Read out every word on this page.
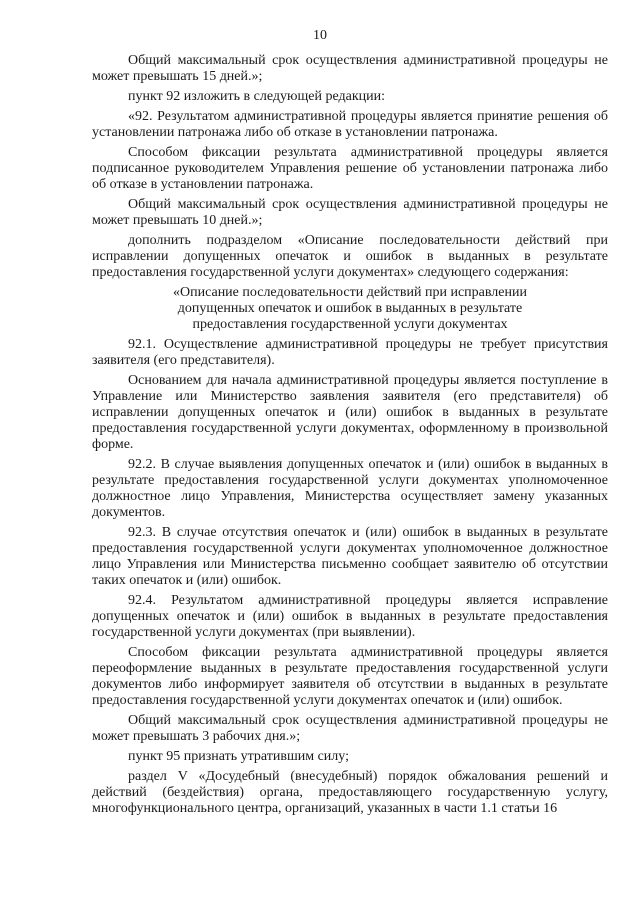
10

Общий максимальный срок осуществления административной процедуры не может превышать 15 дней.»;

пункт 92 изложить в следующей редакции:

«92. Результатом административной процедуры является принятие решения об установлении патронажа либо об отказе в установлении патронажа.

Способом фиксации результата административной процедуры является подписанное руководителем Управления решение об установлении патронажа либо об отказе в установлении патронажа.

Общий максимальный срок осуществления административной процедуры не может превышать 10 дней.»;

дополнить подразделом «Описание последовательности действий при исправлении допущенных опечаток и ошибок в выданных в результате предоставления государственной услуги документах» следующего содержания:

«Описание последовательности действий при исправлении допущенных опечаток и ошибок в выданных в результате предоставления государственной услуги документах

92.1. Осуществление административной процедуры не требует присутствия заявителя (его представителя).

Основанием для начала административной процедуры является поступление в Управление или Министерство заявления заявителя (его представителя) об исправлении допущенных опечаток и (или) ошибок в выданных в результате предоставления государственной услуги документах, оформленному в произвольной форме.

92.2. В случае выявления допущенных опечаток и (или) ошибок в выданных в результате предоставления государственной услуги документах уполномоченное должностное лицо Управления, Министерства осуществляет замену указанных документов.

92.3. В случае отсутствия опечаток и (или) ошибок в выданных в результате предоставления государственной услуги документах уполномоченное должностное лицо Управления или Министерства письменно сообщает заявителю об отсутствии таких опечаток и (или) ошибок.

92.4. Результатом административной процедуры является исправление допущенных опечаток и (или) ошибок в выданных в результате предоставления государственной услуги документах (при выявлении).

Способом фиксации результата административной процедуры является переоформление выданных в результате предоставления государственной услуги документов либо информирует заявителя об отсутствии в выданных в результате предоставления государственной услуги документах опечаток и (или) ошибок.

Общий максимальный срок осуществления административной процедуры не может превышать 3 рабочих дня.»;

пункт 95 признать утратившим силу;

раздел V «Досудебный (внесудебный) порядок обжалования решений и действий (бездействия) органа, предоставляющего государственную услугу, многофункционального центра, организаций, указанных в части 1.1 статьи 16
